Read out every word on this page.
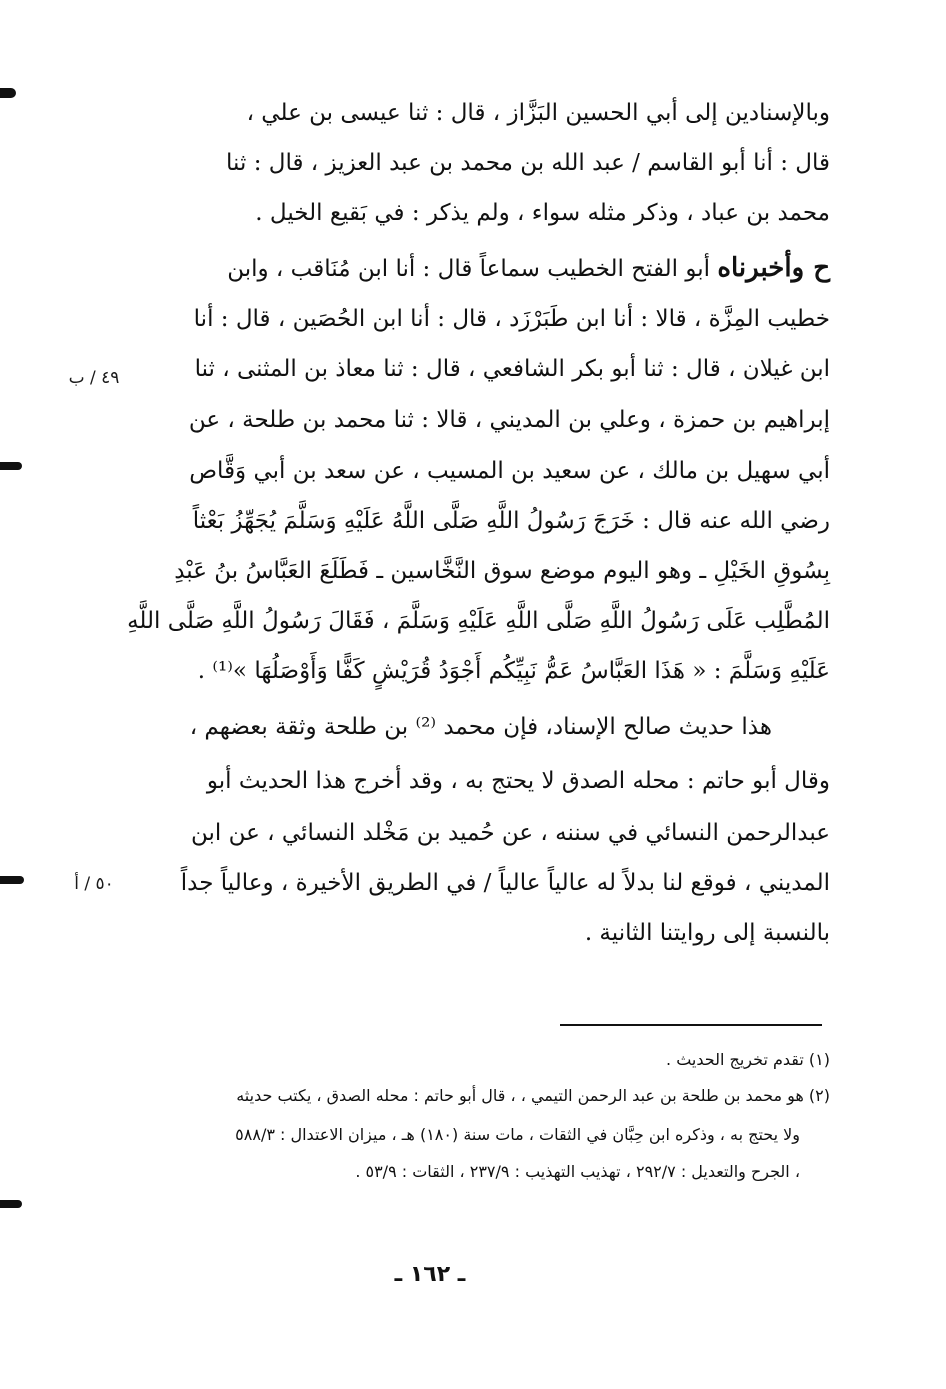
٤٩ / ب
٥٠ / أ
وبالإسنادين إلى أبي الحسين البَزَّاز ، قال : ثنا عيسى بن علي ،
قال : أنا أبو القاسم / عبد الله بن محمد بن عبد العزيز ، قال : ثنا
محمد بن عباد ، وذكر مثله سواء ، ولم يذكر : في بَقيع الخيل .
ح وأخبرناه أبو الفتح الخطيب سماعاً قال : أنا ابن مُنَاقب ، وابن
خطيب المِزَّة ، قالا : أنا ابن طَبَرْزَد ، قال : أنا ابن الحُصَين ، قال : أنا
ابن غيلان ، قال : ثنا أبو بكر الشافعي ، قال : ثنا معاذ بن المثنى ، ثنا
إبراهيم بن حمزة ، وعلي بن المديني ، قالا : ثنا محمد بن طلحة ، عن
أبي سهيل بن مالك ، عن سعيد بن المسيب ، عن سعد بن أبي وَقَّاص
رضي الله عنه قال : خَرَجَ رَسُولُ اللَّهِ صَلَّى اللَّهُ عَلَيْهِ وَسَلَّمَ يُجَهِّزُ بَعْثاً
بِسُوقِ الخَيْلِ ـ وهو اليوم موضع سوق النَّخَّاسين ـ فَطَلَعَ العَبَّاسُ بنُ عَبْدِ
المُطَّلِب عَلَى رَسُولُ اللَّهِ صَلَّى اللَّهِ عَلَيْهِ وَسَلَّمَ ، فَقَالَ رَسُولُ اللَّهِ صَلَّى اللَّهِ
عَلَيْهِ وَسَلَّمَ : « هَذَا العَبَّاسُ عَمُّ نَبِيِّكُم أَجْوَدُ قُرَيْشٍ كَفًّا وَأَوْصَلُهَا »⁽¹⁾ .
هذا حديث صالح الإسناد، فإن محمد ⁽²⁾ بن طلحة وثقة بعضهم ،
وقال أبو حاتم : محله الصدق لا يحتج به ، وقد أخرج هذا الحديث أبو
عبدالرحمن النسائي في سننه ، عن حُميد بن مَخْلد النسائي ، عن ابن
المديني ، فوقع لنا بدلاً له عالياً عالياً / في الطريق الأخيرة ، وعالياً جداً
بالنسبة إلى روايتنا الثانية .
(١) تقدم تخريج الحديث .
(٢) هو محمد بن طلحة بن عبد الرحمن التيمي ، ، قال أبو حاتم : محله الصدق ، يكتب حديثه
ولا يحتج به ، وذكره ابن حِبَّان في الثقات ، مات سنة (١٨٠) هـ ، ميزان الاعتدال : ٥٨٨/٣
، الجرح والتعديل : ٢٩٢/٧ ، تهذيب التهذيب : ٢٣٧/٩ ، الثقات : ٥٣/٩ .
ـ ١٦٢ ـ
